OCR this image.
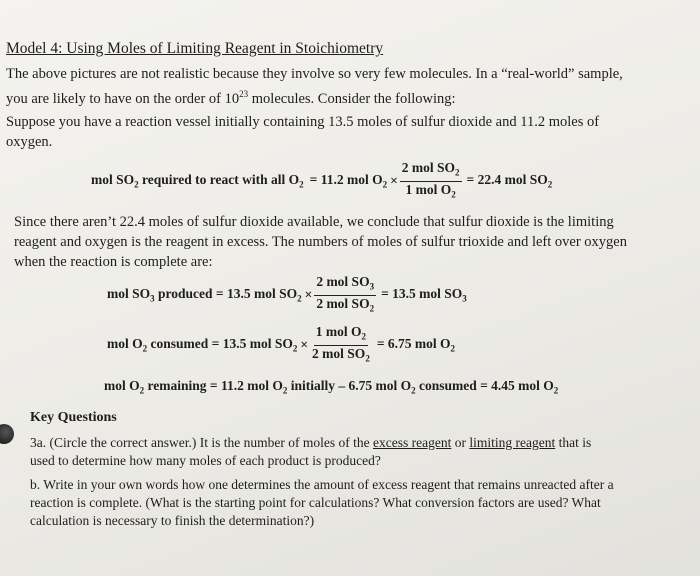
Model 4: Using Moles of Limiting Reagent in Stoichiometry
The above pictures are not realistic because they involve so very few molecules. In a “real-world” sample,
you are likely to have on the order of $10^{23}$ molecules. Consider the following:
Suppose you have a reaction vessel initially containing 13.5 moles of sulfur dioxide and 11.2 moles of
oxygen.
mol $SO_2$ required to react with all $O_2 = 11.2$ mol $O_2 \times \frac{2 mol SO_2}{1 mol O_2} = 22.4$ mol $SO_2$
Since there aren’t 22.4 moles of sulfur dioxide available, we conclude that sulfur dioxide is the limiting
reagent and oxygen is the reagent in excess. The numbers of moles of sulfur trioxide and left over oxygen
when the reaction is complete are:
mol $SO_3$ produced = 13.5 mol $SO_2 \times \frac{2 mol SO_3}{2 mol SO_2} = 13.5$ mol $SO_3$
mol $O_2$ consumed = 13.5 mol $SO_2 \times \frac{1 mol O_2}{2 mol SO_2} = 6.75$ mol $O_2$
mol $O_2$ remaining = 11.2 mol $O_2$ initially – 6.75 mol $O_2$ consumed = 4.45 mol $O_2$
Key Questions
3a. (Circle the correct answer.) It is the number of moles of the excess reagent or limiting reagent that is
used to determine how many moles of each product is produced?
b. Write in your own words how one determines the amount of excess reagent that remains unreacted after a
reaction is complete. (What is the starting point for calculations? What conversion factors are used? What
calculation is necessary to finish the determination?)
